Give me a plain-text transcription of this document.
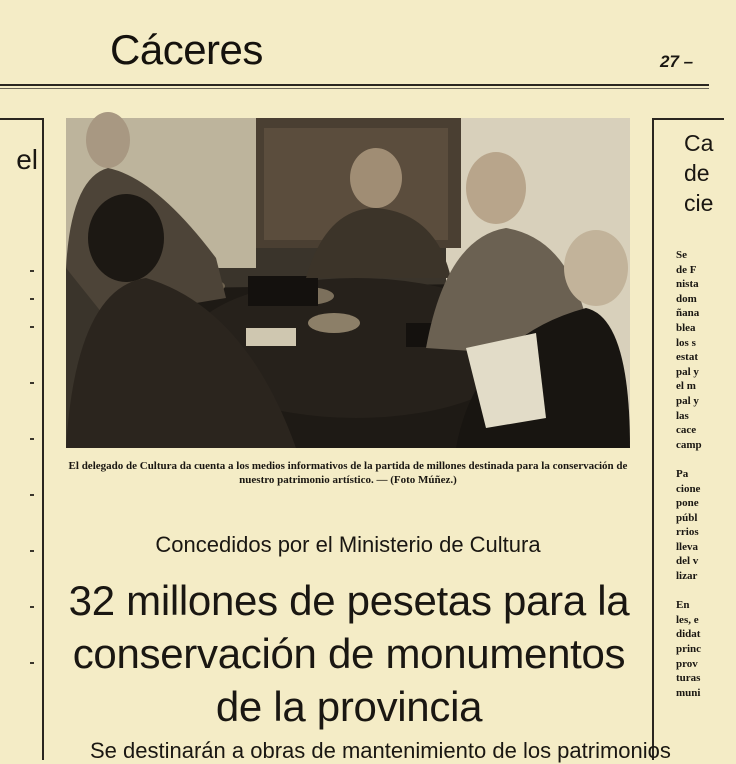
Cáceres	27 –
el
Ca
de
cie
Se
de F
nista
dom
ñana
blea
los s
estat
pal y
el m
pal y
las
cace
camp

Pa
cione
pone
públ
rrios
lleva
del v
lizar

En
les, e
didat
princ
prov
turas
muni
El delegado de Cultura da cuenta a los medios informativos de la partida de millones destinada para la conservación de nuestro patrimonio artístico. — (Foto Múñez.)
Concedidos por el Ministerio de Cultura
32 millones de pesetas para la conservación de monumentos de la provincia
Se destinarán a obras de mantenimiento de los patrimonios
